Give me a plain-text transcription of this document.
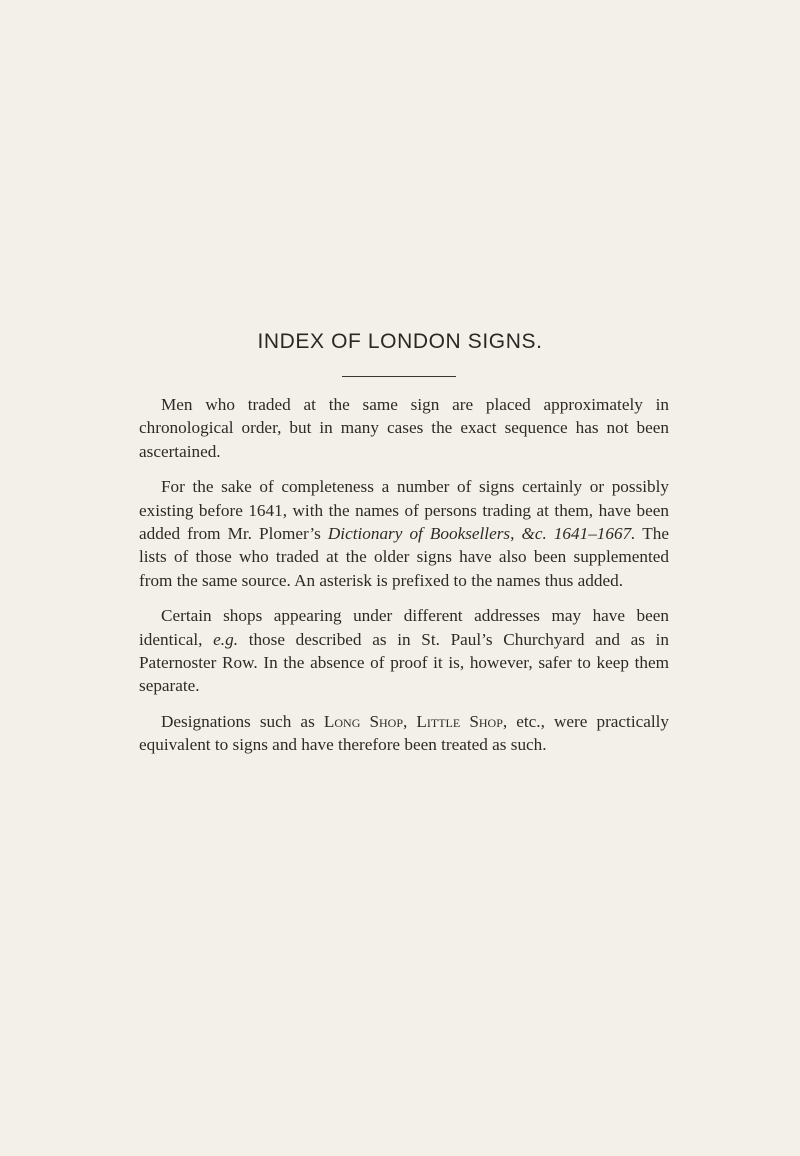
INDEX OF LONDON SIGNS.

Men who traded at the same sign are placed approximately in chronological order, but in many cases the exact sequence has not been ascertained.

For the sake of completeness a number of signs certainly or possibly existing before 1641, with the names of persons trading at them, have been added from Mr. Plomer’s Dictionary of Booksellers, &c. 1641–1667. The lists of those who traded at the older signs have also been supplemented from the same source. An asterisk is prefixed to the names thus added.

Certain shops appearing under different addresses may have been identical, e.g. those described as in St. Paul’s Churchyard and as in Paternoster Row. In the absence of proof it is, however, safer to keep them separate.

Designations such as Long Shop, Little Shop, etc., were practically equivalent to signs and have therefore been treated as such.
